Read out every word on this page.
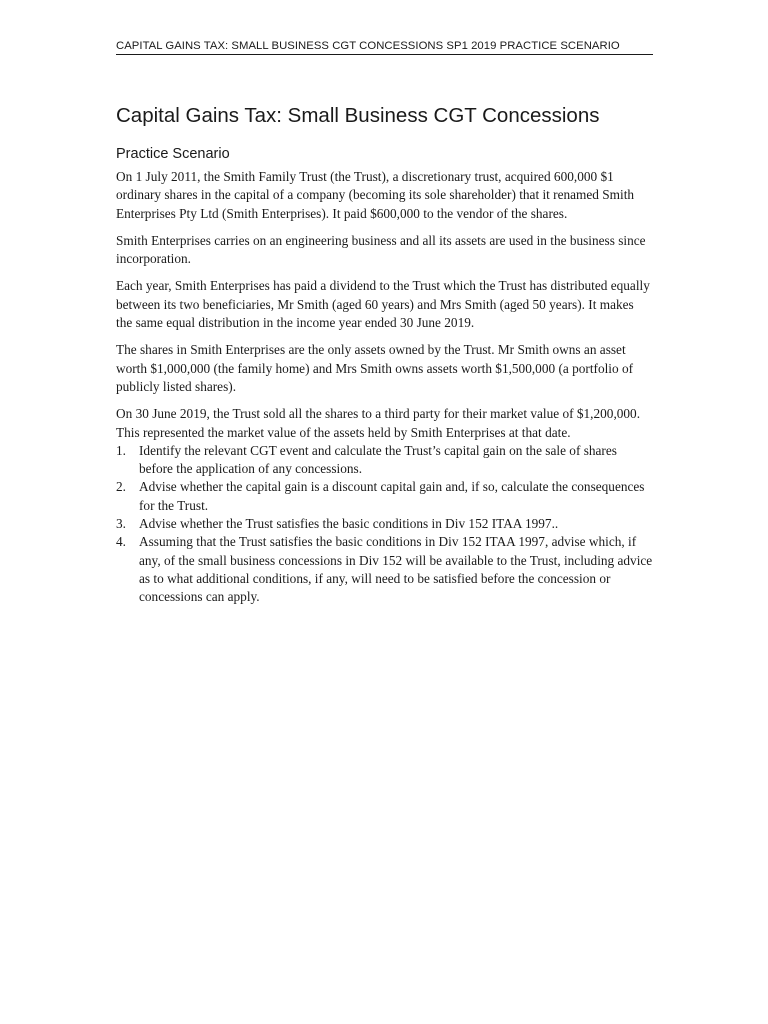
CAPITAL GAINS TAX: SMALL BUSINESS CGT CONCESSIONS SP1 2019 PRACTICE SCENARIO
Capital Gains Tax: Small Business CGT Concessions
Practice Scenario

On 1 July 2011, the Smith Family Trust (the Trust), a discretionary trust, acquired 600,000 $1 ordinary shares in the capital of a company (becoming its sole shareholder) that it renamed Smith Enterprises Pty Ltd (Smith Enterprises). It paid $600,000 to the vendor of the shares.

Smith Enterprises carries on an engineering business and all its assets are used in the business since incorporation.

Each year, Smith Enterprises has paid a dividend to the Trust which the Trust has distributed equally between its two beneficiaries, Mr Smith (aged 60 years) and Mrs Smith (aged 50 years). It makes the same equal distribution in the income year ended 30 June 2019.

The shares in Smith Enterprises are the only assets owned by the Trust. Mr Smith owns an asset worth $1,000,000 (the family home) and Mrs Smith owns assets worth $1,500,000 (a portfolio of publicly listed shares).

On 30 June 2019, the Trust sold all the shares to a third party for their market value of $1,200,000. This represented the market value of the assets held by Smith Enterprises at that date.

1. Identify the relevant CGT event and calculate the Trust’s capital gain on the sale of shares before the application of any concessions.
2. Advise whether the capital gain is a discount capital gain and, if so, calculate the consequences for the Trust.
3. Advise whether the Trust satisfies the basic conditions in Div 152 ITAA 1997..
4. Assuming that the Trust satisfies the basic conditions in Div 152 ITAA 1997, advise which, if any, of the small business concessions in Div 152 will be available to the Trust, including advice as to what additional conditions, if any, will need to be satisfied before the concession or concessions can apply.
